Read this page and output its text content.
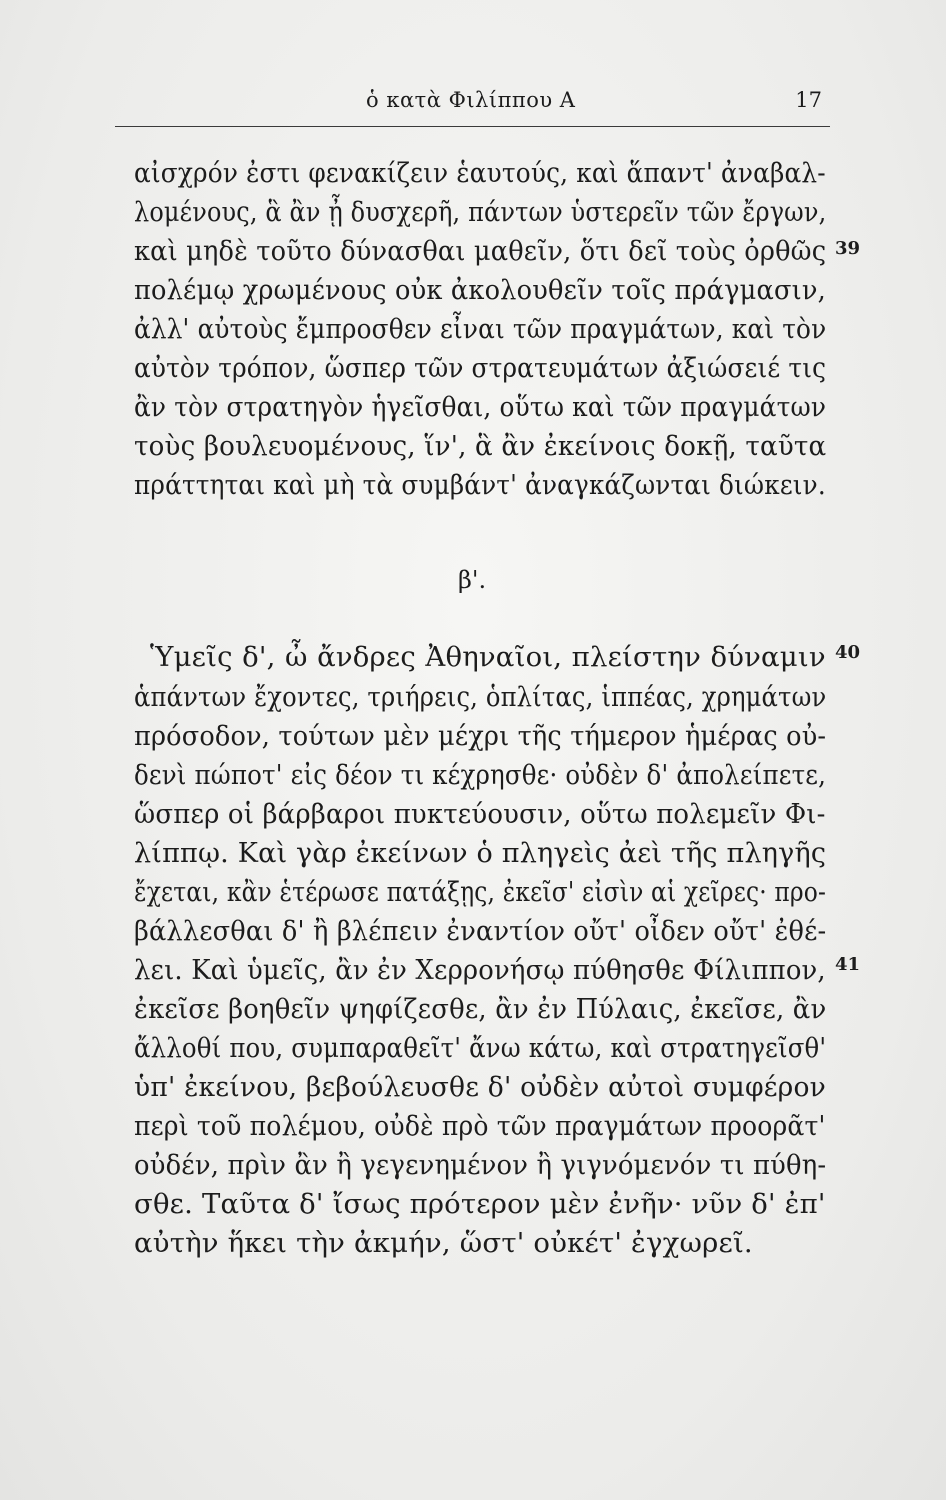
ὁ κατὰ Φιλίππου Α	17
αἰσχρόν ἐστι φενακίζειν ἑαυτούς, καὶ ἅπαντ' ἀναβαλ-
λομένους, ἃ ἂν ᾖ δυσχερῆ, πάντων ὑστερεῖν τῶν ἔργων,
καὶ μηδὲ τοῦτο δύνασθαι μαθεῖν, ὅτι δεῖ τοὺς ὀρθῶς
πολέμῳ χρωμένους οὐκ ἀκολουθεῖν τοῖς πράγμασιν,
ἀλλ' αὐτοὺς ἔμπροσθεν εἶναι τῶν πραγμάτων, καὶ τὸν
αὐτὸν τρόπον, ὥσπερ τῶν στρατευμάτων ἀξιώσειέ τις
ἂν τὸν στρατηγὸν ἡγεῖσθαι, οὕτω καὶ τῶν πραγμάτων
τοὺς βουλευομένους, ἵν', ἃ ἂν ἐκείνοις δοκῇ, ταῦτα
πράττηται καὶ μὴ τὰ συμβάντ' ἀναγκάζωνται διώκειν.
39
β'.
Ὑμεῖς δ', ὦ ἄνδρες Ἀθηναῖοι, πλείστην δύναμιν
ἁπάντων ἔχοντες, τριήρεις, ὁπλίτας, ἱππέας, χρημάτων
πρόσοδον, τούτων μὲν μέχρι τῆς τήμερον ἡμέρας οὐ-
δενὶ πώποτ' εἰς δέον τι κέχρησθε· οὐδὲν δ' ἀπολείπετε,
ὥσπερ οἱ βάρβαροι πυκτεύουσιν, οὕτω πολεμεῖν Φι-
λίππῳ. Καὶ γὰρ ἐκείνων ὁ πληγεὶς ἀεὶ τῆς πληγῆς
ἔχεται, κἂν ἑτέρωσε πατάξῃς, ἐκεῖσ' εἰσὶν αἱ χεῖρες· προ-
βάλλεσθαι δ' ἢ βλέπειν ἐναντίον οὔτ' οἶδεν οὔτ' ἐθέ-
λει. Καὶ ὑμεῖς, ἂν ἐν Χερρονήσῳ πύθησθε Φίλιππον,
ἐκεῖσε βοηθεῖν ψηφίζεσθε, ἂν ἐν Πύλαις, ἐκεῖσε, ἂν
ἄλλοθί που, συμπαραθεῖτ' ἄνω κάτω, καὶ στρατηγεῖσθ'
ὑπ' ἐκείνου, βεβούλευσθε δ' οὐδὲν αὐτοὶ συμφέρον
περὶ τοῦ πολέμου, οὐδὲ πρὸ τῶν πραγμάτων προορᾶτ'
οὐδέν, πρὶν ἂν ἢ γεγενημένον ἢ γιγνόμενόν τι πύθη-
σθε. Ταῦτα δ' ἴσως πρότερον μὲν ἐνῆν· νῦν δ' ἐπ'
αὐτὴν ἥκει τὴν ἀκμήν, ὥστ' οὐκέτ' ἐγχωρεῖ.
40
41
